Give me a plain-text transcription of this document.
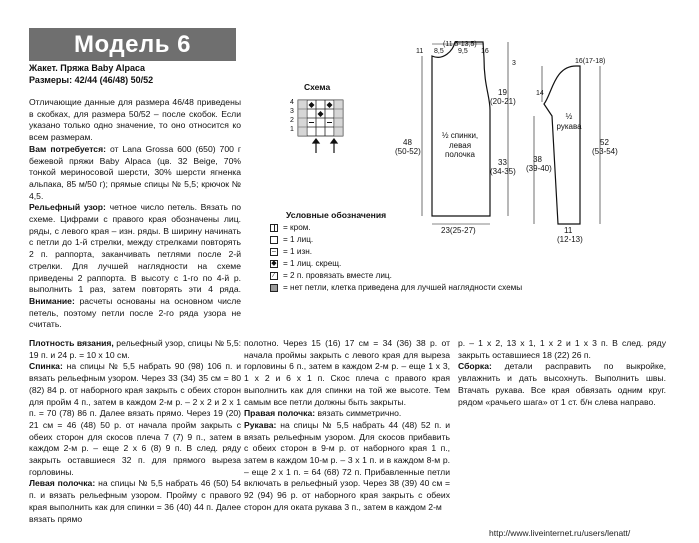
Модель 6
Жакет. Пряжа Baby Alpaca
Размеры: 42/44 (46/48) 50/52

Отличающие данные для размера 46/48 приведены в скобках, для размера 50/52 – после скобок. Если указано только одно значение, то оно относится ко всем размерам.

Вам потребуется: от Lana Grossa 600 (650) 700 г бежевой пряжи Baby Alpaca (цв. 32 Beige, 70% тонкой мериносовой шерсти, 30% шерсти ягненка альпака, 85 м/50 г); прямые спицы № 5,5; крючок № 4,5.

Рельефный узор: четное число петель. Вязать по схеме. Цифрами с правого края обозначены лиц. ряды, с левого края – изн. ряды. В ширину начинать с петли до 1-й стрелки, между стрелками повторять 2 п. раппорта, заканчивать петлями после 2-й стрелки. Для лучшей наглядности на схеме приведены 2 раппорта. В высоту с 1-го по 4-й р. выполнить 1 раз, затем повторять эти 4 ряда. Внимание: расчеты основаны на основном числе петель, поэтому петли после 2-го ряда узора не считать.

Плотность вязания, рельефный узор, спицы № 5,5: 19 п. и 24 р. = 10 х 10 см.

Спинка: на спицы № 5,5 набрать 90 (98) 106 п. и вязать рельефным узором. Через 33 (34) 35 см = 80 (82) 84 р. от наборного края закрыть с обеих сторон для пройм 4 п., затем в каждом 2-м р. – 2 х 2 и 2 х 1 п. = 70 (78) 86 п. Далее вязать прямо. Через 19 (20) 21 см = 46 (48) 50 р. от начала пройм закрыть с обеих сторон для скосов плеча 7 (7) 9 п., затем в каждом 2-м р. – еще 2 х 6 (8) 9 п. В след. ряду закрыть оставшиеся 32 п. для прямого выреза горловины.

Левая полочка: на спицы № 5,5 набрать 46 (50) 54 п. и вязать рельефным узором. Пройму с правого края выполнить как для спинки = 36 (40) 44 п. Далее вязать прямо

полотно. Через 15 (16) 17 см = 34 (36) 38 р. от начала проймы закрыть с левого края для выреза горловины 6 п., затем в каждом 2-м р. – еще 1 х 3, 1 х 2 и 6 х 1 п. Скос плеча с правого края выполнить как для спинки на той же высоте. Тем самым все петли должны быть закрыты.

Правая полочка: вязать симметрично.

Рукава: на спицы № 5,5 набрать 44 (48) 52 п. и вязать рельефным узором. Для скосов прибавить с обеих сторон в 9-м р. от наборного края 1 п., затем в каждом 10-м р. – 3 х 1 п. и в каждом 8-м р. – еще 2 х 1 п. = 64 (68) 72 п. Прибавленные петли включать в рельефный узор. Через 38 (39) 40 см = 92 (94) 96 р. от наборного края закрыть с обеих сторон для оката рукава 3 п., затем в каждом 2-м

р. – 1 х 2, 13 х 1, 1 х 2 и 1 х 3 п. В след. ряду закрыть оставшиеся 18 (22) 26 п.

Сборка: детали расправить по выкройке, увлажнить и дать высохнуть. Выполнить швы. Втачать рукава. Все края обвязать одним круг. рядом «рачьего шага» от 1 ст. б/н слева направо.

Схема
4
3
2
1
(11,5-13,5)
11 8,5 9,5 16
3
19
(20-21)
48
(50-52)
½ спинки, левая полочка
33
(34-35)
23(25-27)
16(17-18)
14
½ рукава
52
(53-54)
38
(39-40)
11
(12-13)
Условные обозначения
= кром.
= 1 лиц.
– = 1 изн.
◆ = 1 лиц. скрещ.
⁄	= 2 п. провязать вместе лиц.
= нет петли, клетка приведена для лучшей наглядности схемы
http://www.liveinternet.ru/users/lenatt/
